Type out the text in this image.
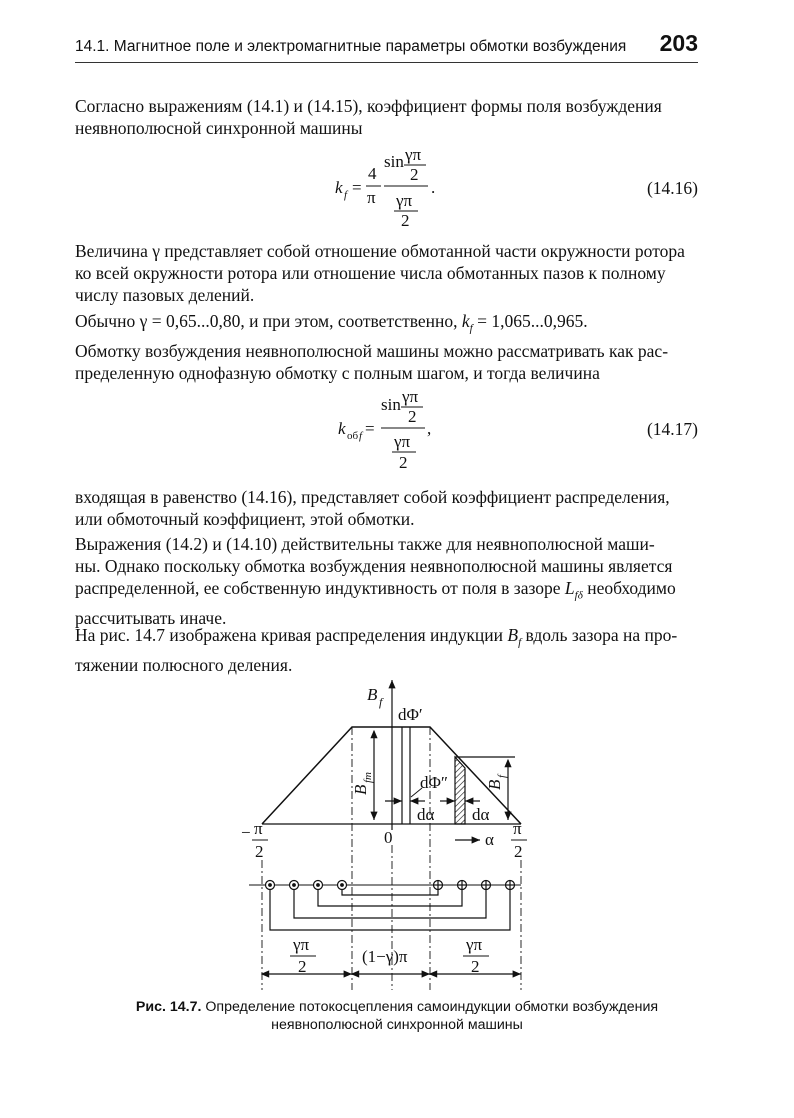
14.1. Магнитное поле и электромагнитные параметры обмотки возбуждения 203
Согласно выражениям (14.1) и (14.15), коэффициент формы поля возбуждения
неявнополюсной синхронной машины
k f =
4
π
sin γπ
2
γπ
2
.	(14.16)
Величина γ представляет собой отношение обмотанной части окружности ротора
ко всей окружности ротора или отношение числа обмотанных пазов к полному
числу пазовых делений.
Обычно γ = 0,65...0,80, и при этом, соответственно, $k_f = 1,065...0,965$.
Обмотку возбуждения неявнополюсной машины можно рассматривать как рас-
пределенную однофазную обмотку с полным шагом, и тогда величина
k об f =
sin γπ
2
γπ
2
,	(14.17)
входящая в равенство (14.16), представляет собой коэффициент распределения,
или обмоточный коэффициент, этой обмотки.
Выражения (14.2) и (14.10) действительны также для неявнополюсной маши-
ны. Однако поскольку обмотка возбуждения неявнополюсной машины является
распределенной, ее собственную индуктивность от поля в зазоре $L_{f\delta}$ необходимо
рассчитывать иначе.
На рис. 14.7 изображена кривая распределения индукции $B_f$ вдоль зазора на про-
тяжении полюсного деления.
B f
dΦ′
dΦ″
B
fm
B
f
dα dα
0	α
− π
2
π
2
γπ
2
(1−γ)π
γπ
2
Рис. 14.7. Определение потокосцепления самоиндукции обмотки возбуждения
неявнополюсной синхронной машины
